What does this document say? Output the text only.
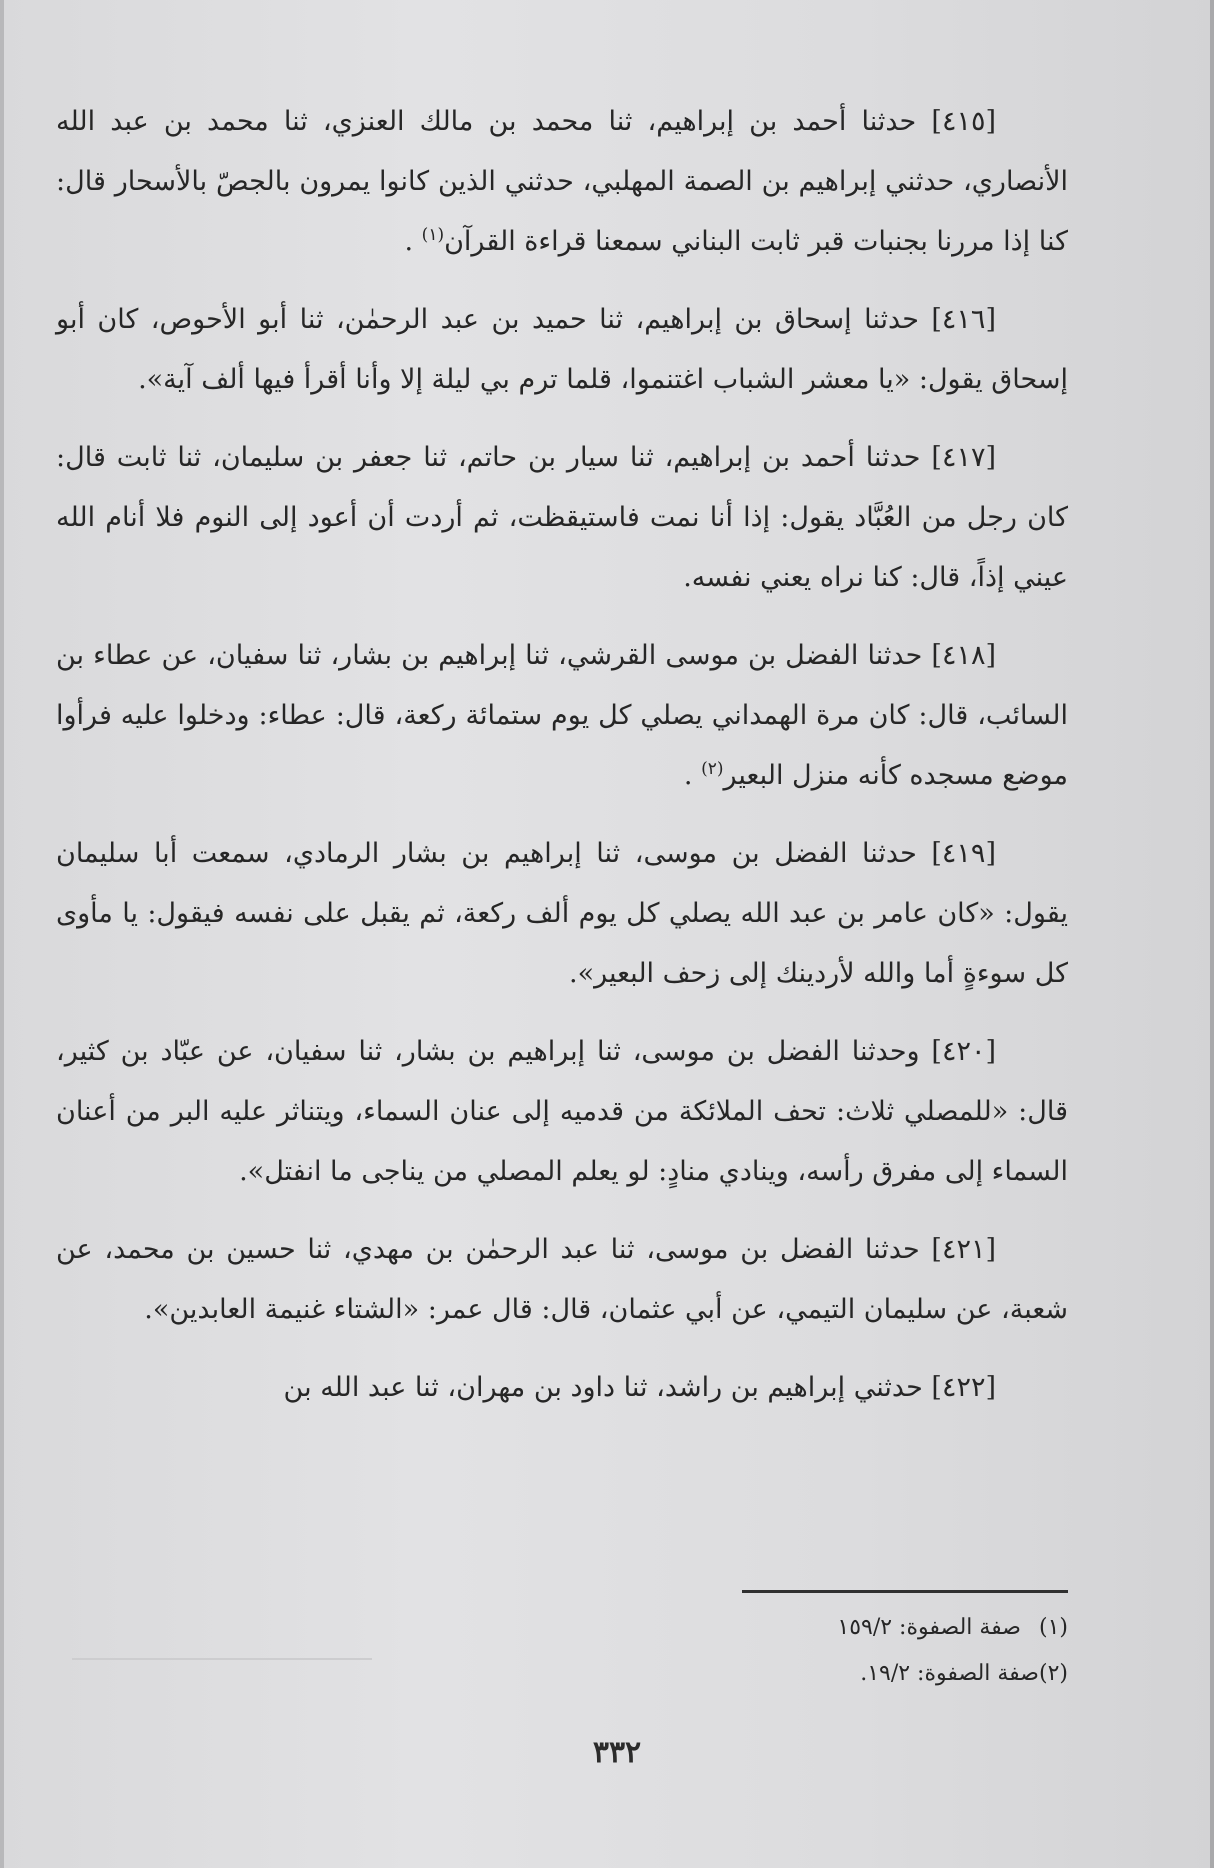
[٤١٥] حدثنا أحمد بن إبراهيم، ثنا محمد بن مالك العنزي، ثنا محمد بن عبد الله الأنصاري، حدثني إبراهيم بن الصمة المهلبي، حدثني الذين كانوا يمرون بالجصّ بالأسحار قال: كنا إذا مررنا بجنبات قبر ثابت البناني سمعنا قراءة القرآن$^{(١)}$ .

[٤١٦] حدثنا إسحاق بن إبراهيم، ثنا حميد بن عبد الرحمٰن، ثنا أبو الأحوص، كان أبو إسحاق يقول: «يا معشر الشباب اغتنموا، قلما ترم بي ليلة إلا وأنا أقرأ فيها ألف آية».

[٤١٧] حدثنا أحمد بن إبراهيم، ثنا سيار بن حاتم، ثنا جعفر بن سليمان، ثنا ثابت قال: كان رجل من العُبَّاد يقول: إذا أنا نمت فاستيقظت، ثم أردت أن أعود إلى النوم فلا أنام الله عيني إذاً، قال: كنا نراه يعني نفسه.

[٤١٨] حدثنا الفضل بن موسى القرشي، ثنا إبراهيم بن بشار، ثنا سفيان، عن عطاء بن السائب، قال: كان مرة الهمداني يصلي كل يوم ستمائة ركعة، قال: عطاء: ودخلوا عليه فرأوا موضع مسجده كأنه منزل البعير$^{(٢)}$ .

[٤١٩] حدثنا الفضل بن موسى، ثنا إبراهيم بن بشار الرمادي، سمعت أبا سليمان يقول: «كان عامر بن عبد الله يصلي كل يوم ألف ركعة، ثم يقبل على نفسه فيقول: يا مأوى كل سوءةٍ أما والله لأردينك إلى زحف البعير».

[٤٢٠] وحدثنا الفضل بن موسى، ثنا إبراهيم بن بشار، ثنا سفيان، عن عبّاد بن كثير، قال: «للمصلي ثلاث: تحف الملائكة من قدميه إلى عنان السماء، ويتناثر عليه البر من أعنان السماء إلى مفرق رأسه، وينادي منادٍ: لو يعلم المصلي من يناجى ما انفتل».

[٤٢١] حدثنا الفضل بن موسى، ثنا عبد الرحمٰن بن مهدي، ثنا حسين بن محمد، عن شعبة، عن سليمان التيمي، عن أبي عثمان، قال: قال عمر: «الشتاء غنيمة العابدين».

[٤٢٢] حدثني إبراهيم بن راشد، ثنا داود بن مهران، ثنا عبد الله بن

(١)صفة الصفوة: ١٥٩/٢
(٢)صفة الصفوة: ١٩/٢.
٣٣٢
